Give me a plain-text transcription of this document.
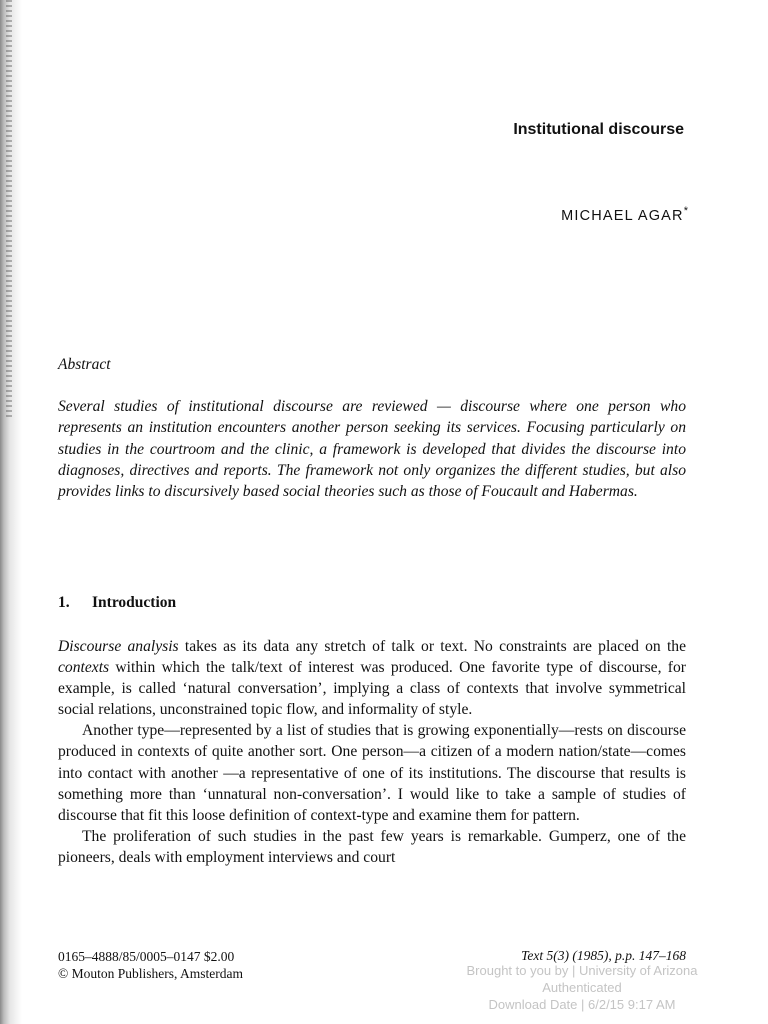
Institutional discourse
MICHAEL AGAR*
Abstract

Several studies of institutional discourse are reviewed — discourse where one person who represents an institution encounters another person seeking its services. Focusing particularly on studies in the courtroom and the clinic, a framework is developed that divides the discourse into diagnoses, directives and reports. The framework not only organizes the different studies, but also provides links to discursively based social theories such as those of Foucault and Habermas.

1. Introduction

Discourse analysis takes as its data any stretch of talk or text. No constraints are placed on the contexts within which the talk/text of interest was produced. One favorite type of discourse, for example, is called ‘natural conversation’, implying a class of contexts that involve symmetrical social relations, unconstrained topic flow, and informality of style.

Another type—represented by a list of studies that is growing exponentially—rests on discourse produced in contexts of quite another sort. One person—a citizen of a modern nation/state—comes into contact with another —a representative of one of its institutions. The discourse that results is something more than ‘unnatural non-conversation’. I would like to take a sample of studies of discourse that fit this loose definition of context-type and examine them for pattern.

The proliferation of such studies in the past few years is remarkable. Gumperz, one of the pioneers, deals with employment interviews and court

0165–4888/85/0005–0147 $2.00
© Mouton Publishers, Amsterdam
Text 5(3) (1985), p.p. 147–168
Brought to you by | University of Arizona
Authenticated
Download Date | 6/2/15 9:17 AM
